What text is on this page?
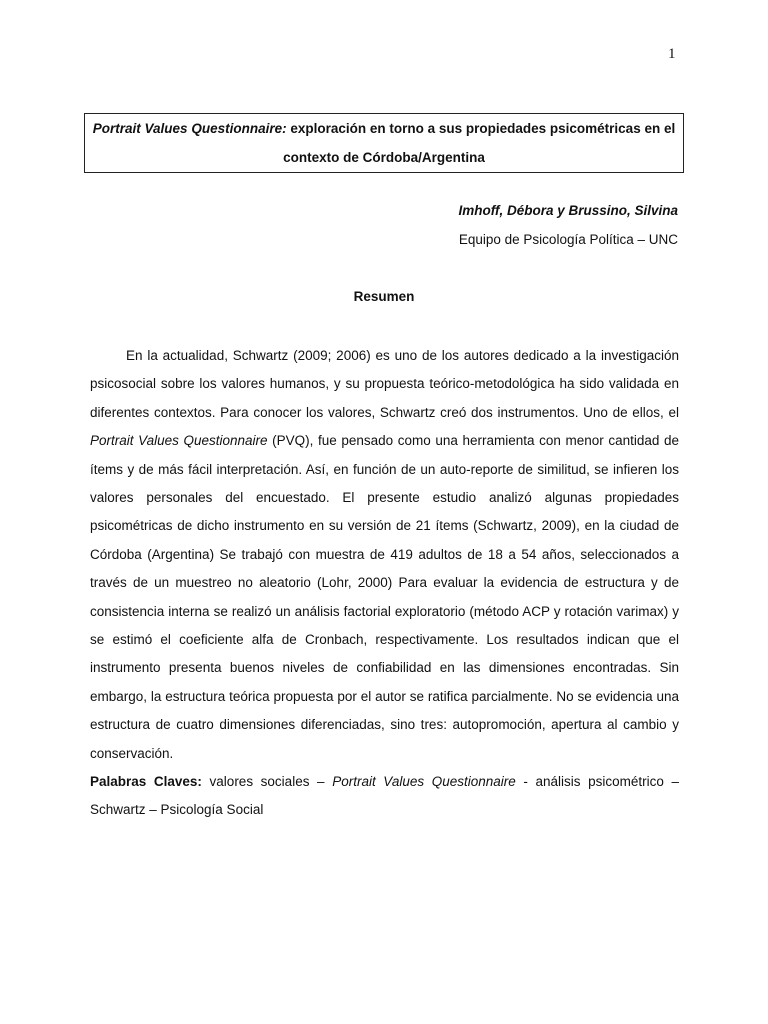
1
Portrait Values Questionnaire: exploración en torno a sus propiedades psicométricas en el
contexto de Córdoba/Argentina
Imhoff, Débora y Brussino, Silvina
Equipo de Psicología Política – UNC
Resumen

En la actualidad, Schwartz (2009; 2006) es uno de los autores dedicado a la investigación psicosocial sobre los valores humanos, y su propuesta teórico-metodológica ha sido validada en diferentes contextos. Para conocer los valores, Schwartz creó dos instrumentos. Uno de ellos, el Portrait Values Questionnaire (PVQ), fue pensado como una herramienta con menor cantidad de ítems y de más fácil interpretación. Así, en función de un auto-reporte de similitud, se infieren los valores personales del encuestado. El presente estudio analizó algunas propiedades psicométricas de dicho instrumento en su versión de 21 ítems (Schwartz, 2009), en la ciudad de Córdoba (Argentina) Se trabajó con muestra de 419 adultos de 18 a 54 años, seleccionados a través de un muestreo no aleatorio (Lohr, 2000) Para evaluar la evidencia de estructura y de consistencia interna se realizó un análisis factorial exploratorio (método ACP y rotación varimax) y se estimó el coeficiente alfa de Cronbach, respectivamente. Los resultados indican que el instrumento presenta buenos niveles de confiabilidad en las dimensiones encontradas. Sin embargo, la estructura teórica propuesta por el autor se ratifica parcialmente. No se evidencia una estructura de cuatro dimensiones diferenciadas, sino tres: autopromoción, apertura al cambio y conservación.

Palabras Claves: valores sociales – Portrait Values Questionnaire - análisis psicométrico – Schwartz – Psicología Social
